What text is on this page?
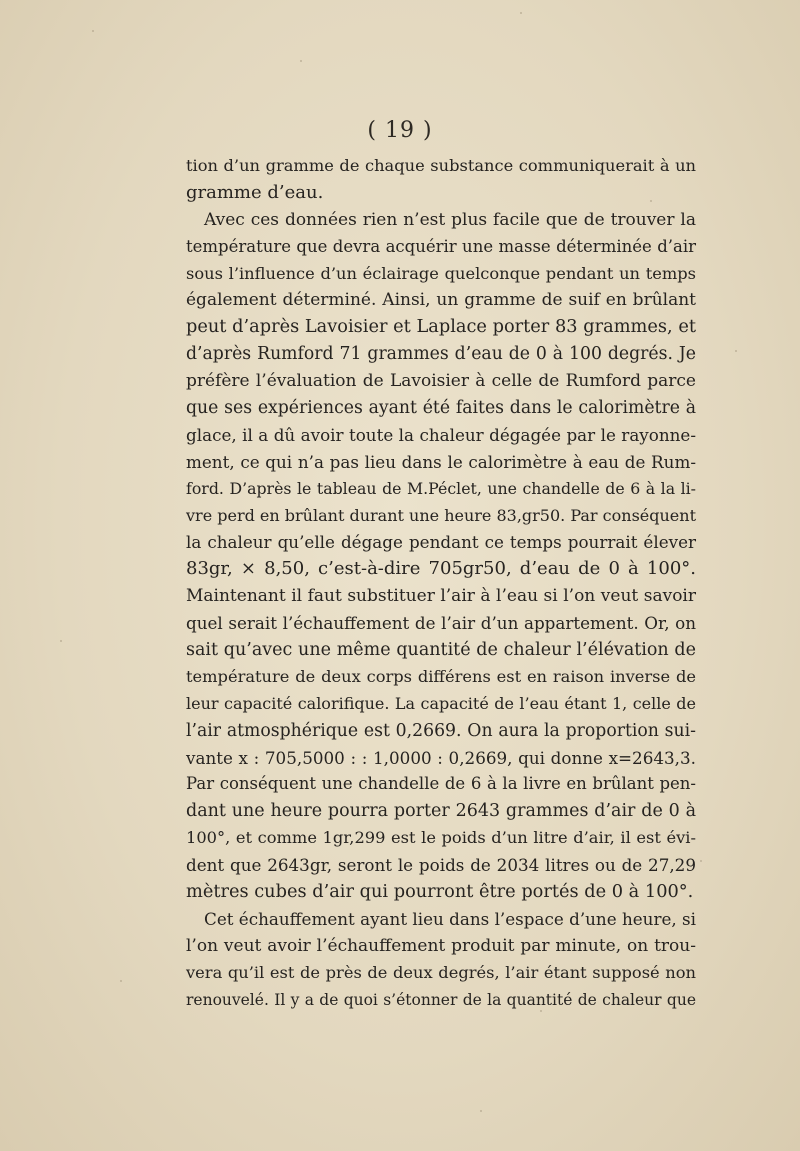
( 19 )
tion d’un gramme de chaque substance communiquerait à un
gramme d’eau.
Avec ces données rien n’est plus facile que de trouver la
température que devra acquérir une masse déterminée d’air
sous l’influence d’un éclairage quelconque pendant un temps
également déterminé. Ainsi, un gramme de suif en brûlant
peut d’après Lavoisier et Laplace porter 83 grammes, et
d’après Rumford 71 grammes d’eau de 0 à 100 degrés. Je
préfère l’évaluation de Lavoisier à celle de Rumford parce
que ses expériences ayant été faites dans le calorimètre à
glace, il a dû avoir toute la chaleur dégagée par le rayonne-
ment, ce qui n’a pas lieu dans le calorimètre à eau de Rum-
ford. D’après le tableau de M.Péclet, une chandelle de 6 à la li-
vre perd en brûlant durant une heure 83,gr50. Par conséquent
la chaleur qu’elle dégage pendant ce temps pourrait élever
83gr, × 8,50, c’est-à-dire 705gr50, d’eau de 0 à 100°.
Maintenant il faut substituer l’air à l’eau si l’on veut savoir
quel serait l’échauffement de l’air d’un appartement. Or, on
sait qu’avec une même quantité de chaleur l’élévation de
température de deux corps différens est en raison inverse de
leur capacité calorifique. La capacité de l’eau étant 1, celle de
l’air atmosphérique est 0,2669. On aura la proportion sui-
vante x : 705,5000 : : 1,0000 : 0,2669, qui donne x=2643,3.
Par conséquent une chandelle de 6 à la livre en brûlant pen-
dant une heure pourra porter 2643 grammes d’air de 0 à
100°, et comme 1gr,299 est le poids d’un litre d’air, il est évi-
dent que 2643gr, seront le poids de 2034 litres ou de 27,29
mètres cubes d’air qui pourront être portés de 0 à 100°.
Cet échauffement ayant lieu dans l’espace d’une heure, si
l’on veut avoir l’échauffement produit par minute, on trou-
vera qu’il est de près de deux degrés, l’air étant supposé non
renouvelé. Il y a de quoi s’étonner de la quantité de chaleur que
